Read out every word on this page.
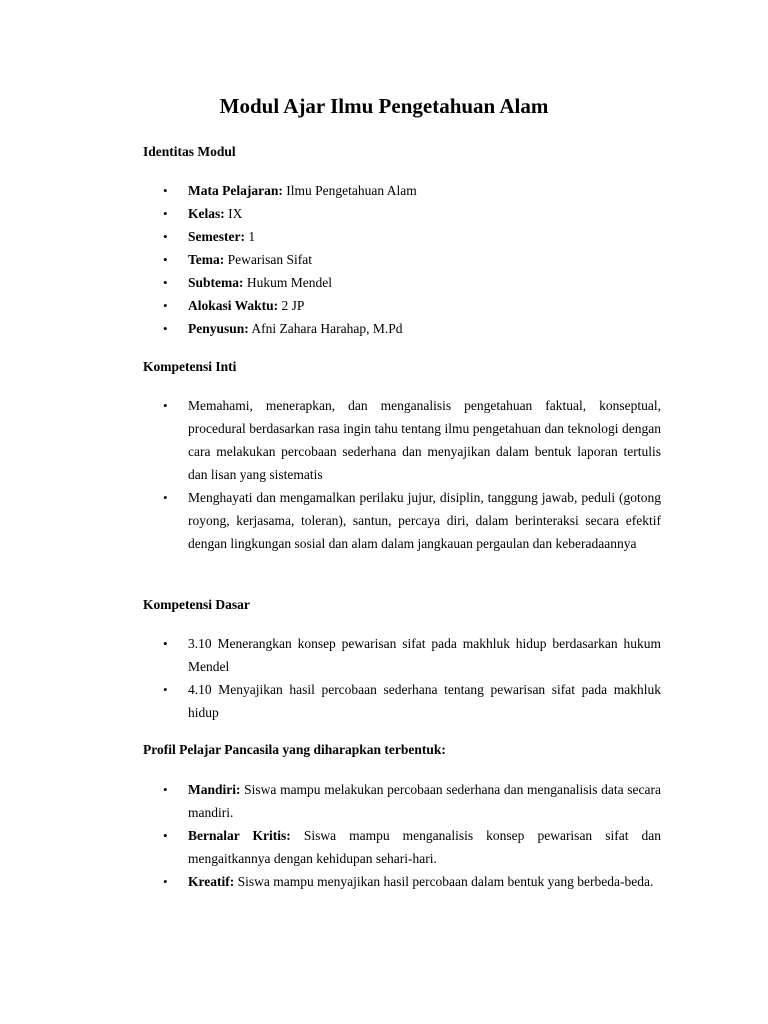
Modul Ajar Ilmu Pengetahuan Alam
Identitas Modul
• Mata Pelajaran: Ilmu Pengetahuan Alam
• Kelas: IX
• Semester: 1
• Tema: Pewarisan Sifat
• Subtema: Hukum Mendel
• Alokasi Waktu: 2 JP
• Penyusun: Afni Zahara Harahap, M.Pd
Kompetensi Inti
• Memahami, menerapkan, dan menganalisis pengetahuan faktual, konseptual, procedural berdasarkan rasa ingin tahu tentang ilmu pengetahuan dan teknologi dengan cara melakukan percobaan sederhana dan menyajikan dalam bentuk laporan tertulis dan lisan yang sistematis
• Menghayati dan mengamalkan perilaku jujur, disiplin, tanggung jawab, peduli (gotong royong, kerjasama, toleran), santun, percaya diri, dalam berinteraksi secara efektif dengan lingkungan sosial dan alam dalam jangkauan pergaulan dan keberadaannya
Kompetensi Dasar
• 3.10 Menerangkan konsep pewarisan sifat pada makhluk hidup berdasarkan hukum Mendel
• 4.10 Menyajikan hasil percobaan sederhana tentang pewarisan sifat pada makhluk hidup
Profil Pelajar Pancasila yang diharapkan terbentuk:
• Mandiri: Siswa mampu melakukan percobaan sederhana dan menganalisis data secara mandiri.
• Bernalar Kritis: Siswa mampu menganalisis konsep pewarisan sifat dan mengaitkannya dengan kehidupan sehari-hari.
• Kreatif: Siswa mampu menyajikan hasil percobaan dalam bentuk yang berbeda-beda.
